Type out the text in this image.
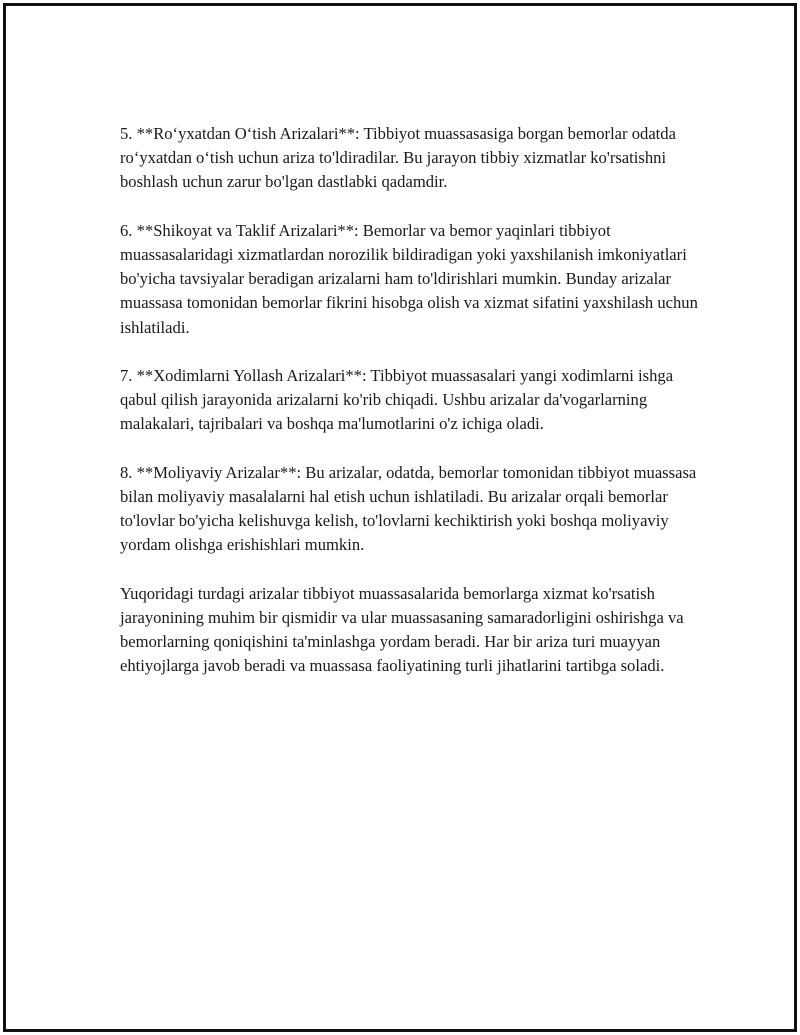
5. **Ro‘yxatdan O‘tish Arizalari**: Tibbiyot muassasasiga borgan bemorlar odatda ro‘yxatdan o‘tish uchun ariza to'ldiradilar. Bu jarayon tibbiy xizmatlar ko'rsatishni boshlash uchun zarur bo'lgan dastlabki qadamdir.

6. **Shikoyat va Taklif Arizalari**: Bemorlar va bemor yaqinlari tibbiyot muassasalaridagi xizmatlardan norozilik bildiradigan yoki yaxshilanish imkoniyatlari bo'yicha tavsiyalar beradigan arizalarni ham to'ldirishlari mumkin. Bunday arizalar muassasa tomonidan bemorlar fikrini hisobga olish va xizmat sifatini yaxshilash uchun ishlatiladi.

7. **Xodimlarni Yollash Arizalari**: Tibbiyot muassasalari yangi xodimlarni ishga qabul qilish jarayonida arizalarni ko'rib chiqadi. Ushbu arizalar da'vogarlarning malakalari, tajribalari va boshqa ma'lumotlarini o'z ichiga oladi.

8. **Moliyaviy Arizalar**: Bu arizalar, odatda, bemorlar tomonidan tibbiyot muassasa bilan moliyaviy masalalarni hal etish uchun ishlatiladi. Bu arizalar orqali bemorlar to'lovlar bo'yicha kelishuvga kelish, to'lovlarni kechiktirish yoki boshqa moliyaviy yordam olishga erishishlari mumkin.

Yuqoridagi turdagi arizalar tibbiyot muassasalarida bemorlarga xizmat ko'rsatish jarayonining muhim bir qismidir va ular muassasaning samaradorligini oshirishga va bemorlarning qoniqishini ta'minlashga yordam beradi. Har bir ariza turi muayyan ehtiyojlarga javob beradi va muassasa faoliyatining turli jihatlarini tartibga soladi.
